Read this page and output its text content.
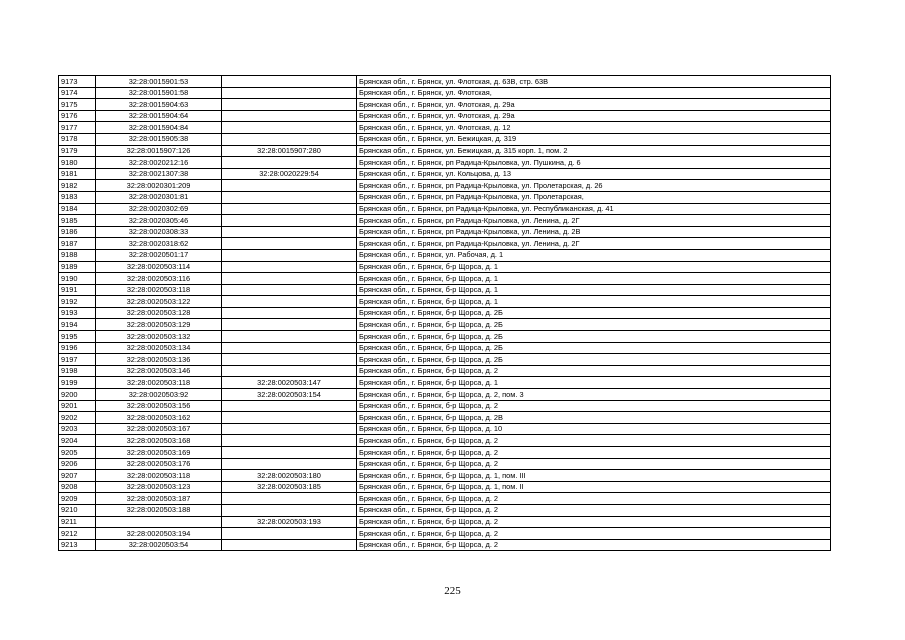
9173	32:28:0015901:53		Брянская обл., г. Брянск, ул. Флотская, д. 63В, стр. 63В
9174	32:28:0015901:58		Брянская обл., г. Брянск, ул. Флотская,
9175	32:28:0015904:63		Брянская обл., г. Брянск, ул. Флотская, д. 29а
9176	32:28:0015904:64		Брянская обл., г. Брянск, ул. Флотская, д. 29а
9177	32:28:0015904:84		Брянская обл., г. Брянск, ул. Флотская, д. 12
9178	32:28:0015905:38		Брянская обл., г. Брянск, ул. Бежицкая, д. 319
9179	32:28:0015907:126	32:28:0015907:280	Брянская обл., г. Брянск, ул. Бежицкая, д. 315 корп. 1, пом. 2
9180	32:28:0020212:16		Брянская обл., г. Брянск, рп Радица-Крыловка, ул. Пушкина, д. 6
9181	32:28:0021307:38	32:28:0020229:54	Брянская обл., г. Брянск, ул. Кольцова, д. 13
9182	32:28:0020301:209		Брянская обл., г. Брянск, рп Радица-Крыловка, ул. Пролетарская, д. 26
9183	32:28:0020301:81		Брянская обл., г. Брянск, рп Радица-Крыловка, ул. Пролетарская,
9184	32:28:0020302:69		Брянская обл., г. Брянск, рп Радица-Крыловка, ул. Республиканская, д. 41
9185	32:28:0020305:46		Брянская обл., г. Брянск, рп Радица-Крыловка, ул. Ленина, д. 2Г
9186	32:28:0020308:33		Брянская обл., г. Брянск, рп Радица-Крыловка, ул. Ленина, д. 2В
9187	32:28:0020318:62		Брянская обл., г. Брянск, рп Радица-Крыловка, ул. Ленина, д. 2Г
9188	32:28:0020501:17		Брянская обл., г. Брянск, ул. Рабочая, д. 1
9189	32:28:0020503:114		Брянская обл., г. Брянск, б-р Щорса, д. 1
9190	32:28:0020503:116		Брянская обл., г. Брянск, б-р Щорса, д. 1
9191	32:28:0020503:118		Брянская обл., г. Брянск, б-р Щорса, д. 1
9192	32:28:0020503:122		Брянская обл., г. Брянск, б-р Щорса, д. 1
9193	32:28:0020503:128		Брянская обл., г. Брянск, б-р Щорса, д. 2Б
9194	32:28:0020503:129		Брянская обл., г. Брянск, б-р Щорса, д. 2Б
9195	32:28:0020503:132		Брянская обл., г. Брянск, б-р Щорса, д. 2Б
9196	32:28:0020503:134		Брянская обл., г. Брянск, б-р Щорса, д. 2Б
9197	32:28:0020503:136		Брянская обл., г. Брянск, б-р Щорса, д. 2Б
9198	32:28:0020503:146		Брянская обл., г. Брянск, б-р Щорса, д. 2
9199	32:28:0020503:118	32:28:0020503:147	Брянская обл., г. Брянск, б-р Щорса, д. 1
9200	32:28:0020503:92	32:28:0020503:154	Брянская обл., г. Брянск, б-р Щорса, д. 2, пом. 3
9201	32:28:0020503:156		Брянская обл., г. Брянск, б-р Щорса, д. 2
9202	32:28:0020503:162		Брянская обл., г. Брянск, б-р Щорса, д. 2В
9203	32:28:0020503:167		Брянская обл., г. Брянск, б-р Щорса, д. 10
9204	32:28:0020503:168		Брянская обл., г. Брянск, б-р Щорса, д. 2
9205	32:28:0020503:169		Брянская обл., г. Брянск, б-р Щорса, д. 2
9206	32:28:0020503:176		Брянская обл., г. Брянск, б-р Щорса, д. 2
9207	32:28:0020503:118	32:28:0020503:180	Брянская обл., г. Брянск, б-р Щорса, д. 1, пом. III
9208	32:28:0020503:123	32:28:0020503:185	Брянская обл., г. Брянск, б-р Щорса, д. 1, пом. II
9209	32:28:0020503:187		Брянская обл., г. Брянск, б-р Щорса, д. 2
9210	32:28:0020503:188		Брянская обл., г. Брянск, б-р Щорса, д. 2
9211		32:28:0020503:193	Брянская обл., г. Брянск, б-р Щорса, д. 2
9212	32:28:0020503:194		Брянская обл., г. Брянск, б-р Щорса, д. 2
9213	32:28:0020503:54		Брянская обл., г. Брянск, б-р Щорса, д. 2
225
